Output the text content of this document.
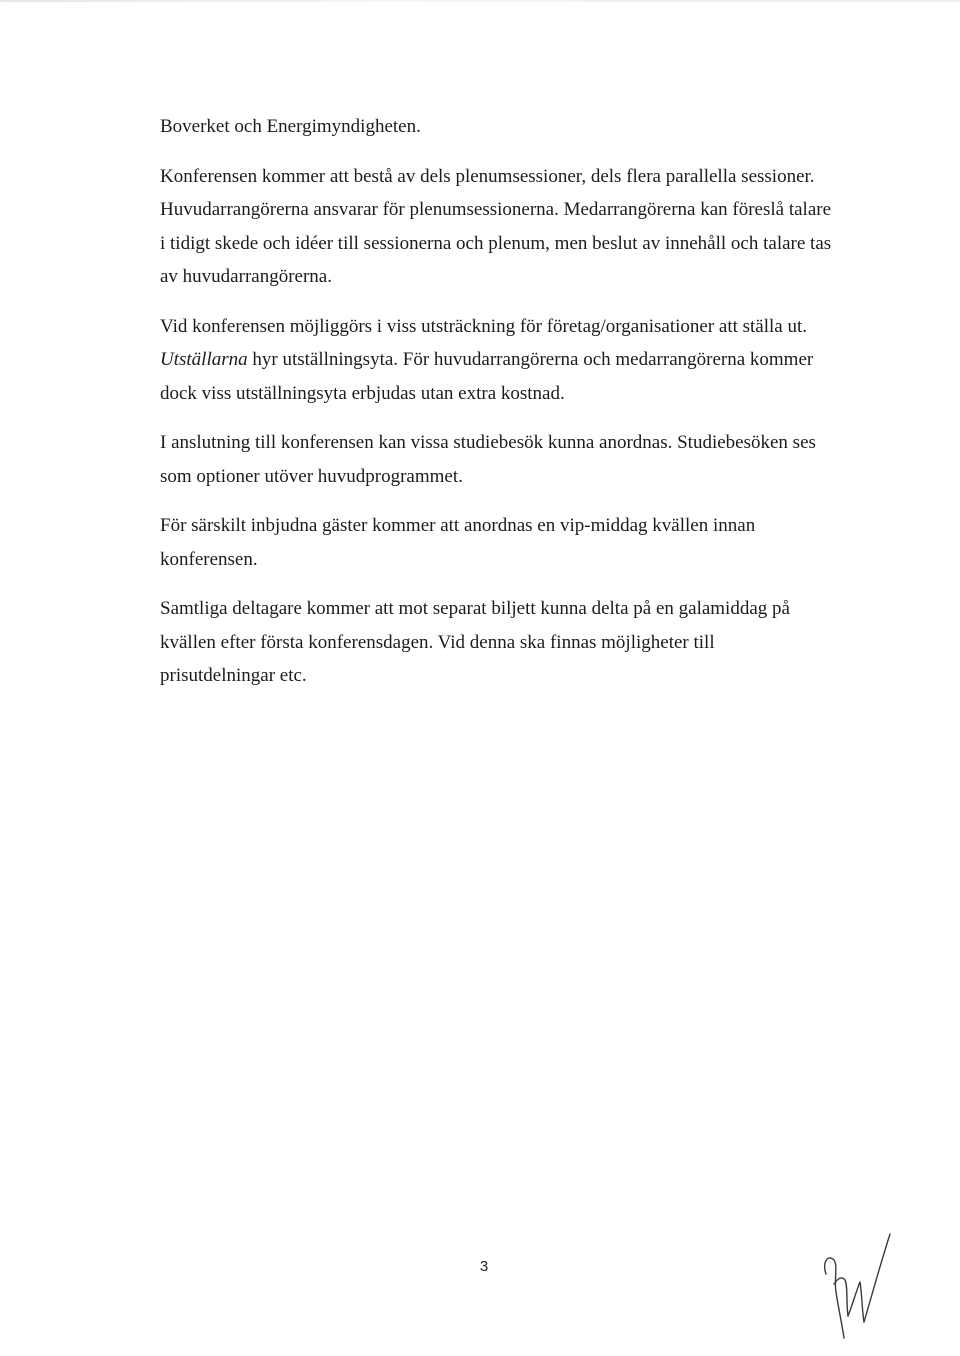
Boverket och Energimyndigheten.

Konferensen kommer att bestå av dels plenumsessioner, dels flera parallella sessioner.
Huvudarrangörerna ansvarar för plenumsessionerna. Medarrangörerna kan föreslå talare
i tidigt skede och idéer till sessionerna och plenum, men beslut av innehåll och talare tas
av huvudarrangörerna.

Vid konferensen möjliggörs i viss utsträckning för företag/organisationer att ställa ut.
Utställarna hyr utställningsyta. För huvudarrangörerna och medarrangörerna kommer
dock viss utställningsyta erbjudas utan extra kostnad.

I anslutning till konferensen kan vissa studiebesök kunna anordnas. Studiebesöken ses
som optioner utöver huvudprogrammet.

För särskilt inbjudna gäster kommer att anordnas en vip-middag kvällen innan
konferensen.

Samtliga deltagare kommer att mot separat biljett kunna delta på en galamiddag på
kvällen efter första konferensdagen. Vid denna ska finnas möjligheter till
prisutdelningar etc.

3
